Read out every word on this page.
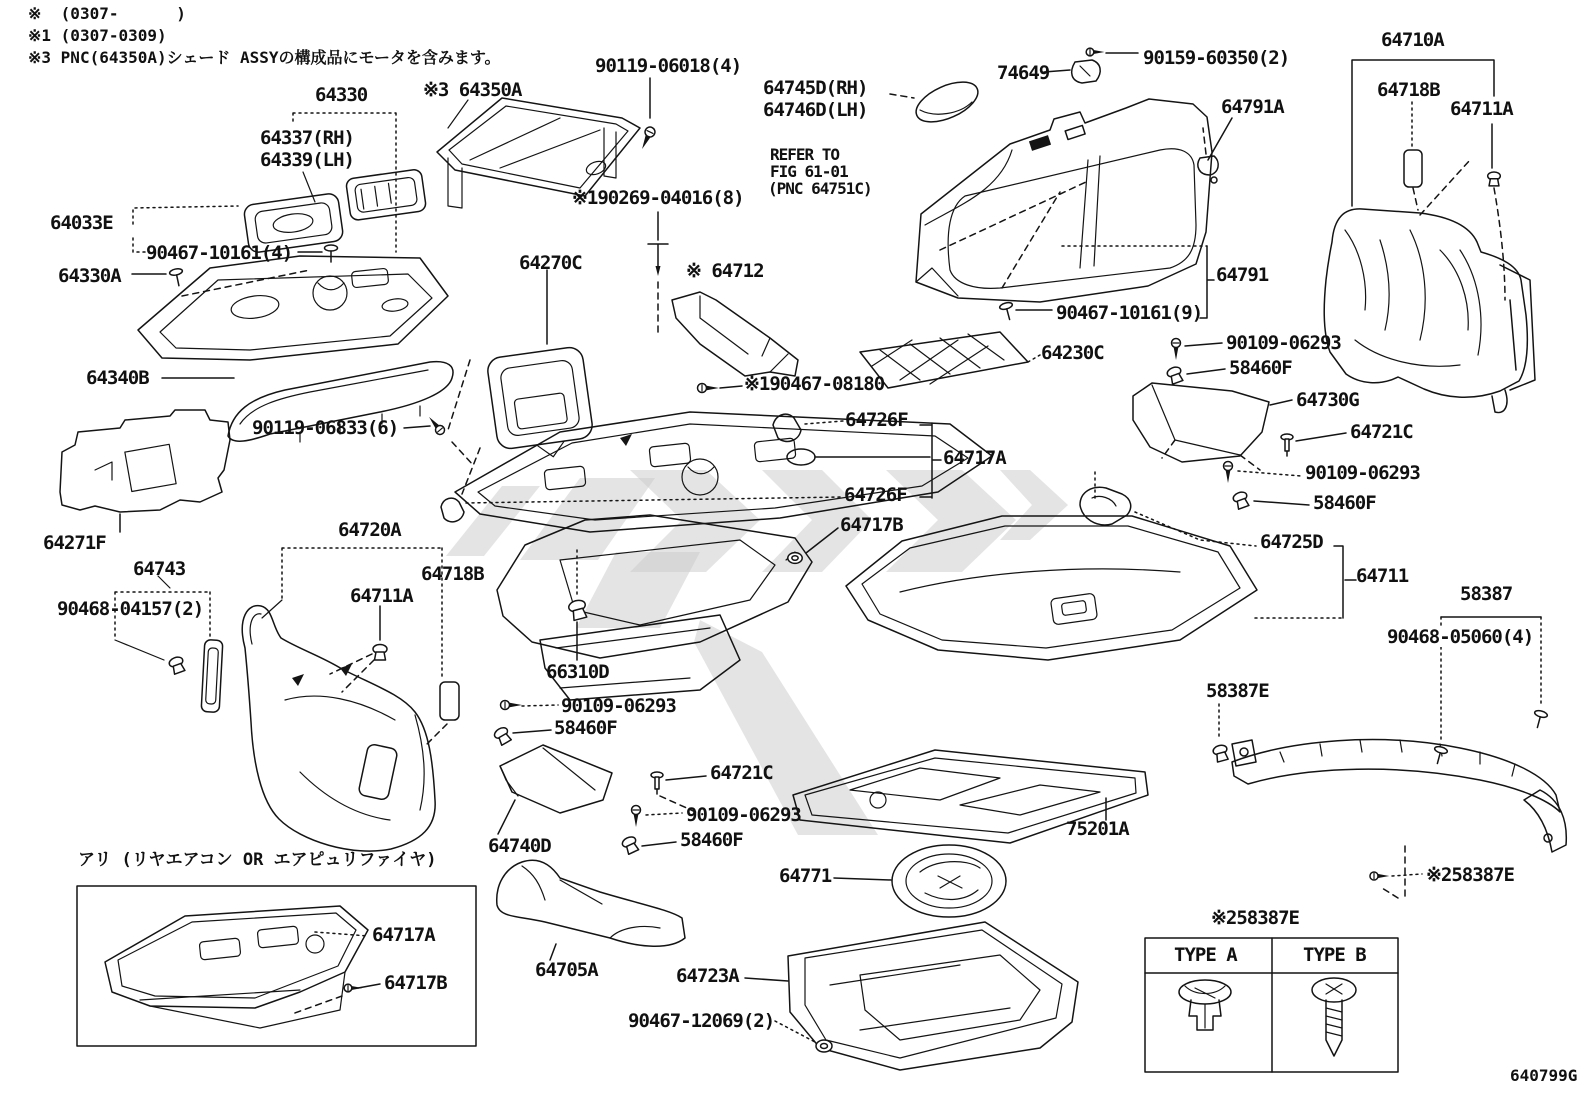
※  (0307-      )
※1 (0307-0309)
※3 PNC(64350A)シェード ASSYの構成品にモータを含みます。
64330
64337(RH)
64339(LH)
64033E
90467-10161(4)
64330A
64340B
90119-06833(6)
64271F
64743
90468-04157(2)
64720A
64718B
64711A
66310D
90109-06293
58460F
64740D
64721C
90109-06293
58460F
64705A	64723A
90467-12069(2)
64771
75201A
※3 64350A
90119-06018(4)
64745D(RH)
64746D(LH)
REFER TO
FIG 61-01
(PNC 64751C)
74649
90159-60350(2)
64791A
64710A
64718B
64711A
64791
90467-10161(9)
90109-06293
58460F
64230C
64730G
64721C
90109-06293
58460F
64725D
64711
58387
90468-05060(4)
58387E
※258387E
※258387E
64270C
※190269-04016(8)
※ 64712
※190467-08180
64726F
64717A
64726F
64717B
64717A
64717B
アリ (リヤエアコン OR エアピュリファイヤ)
TYPE A	TYPE B
640799G
